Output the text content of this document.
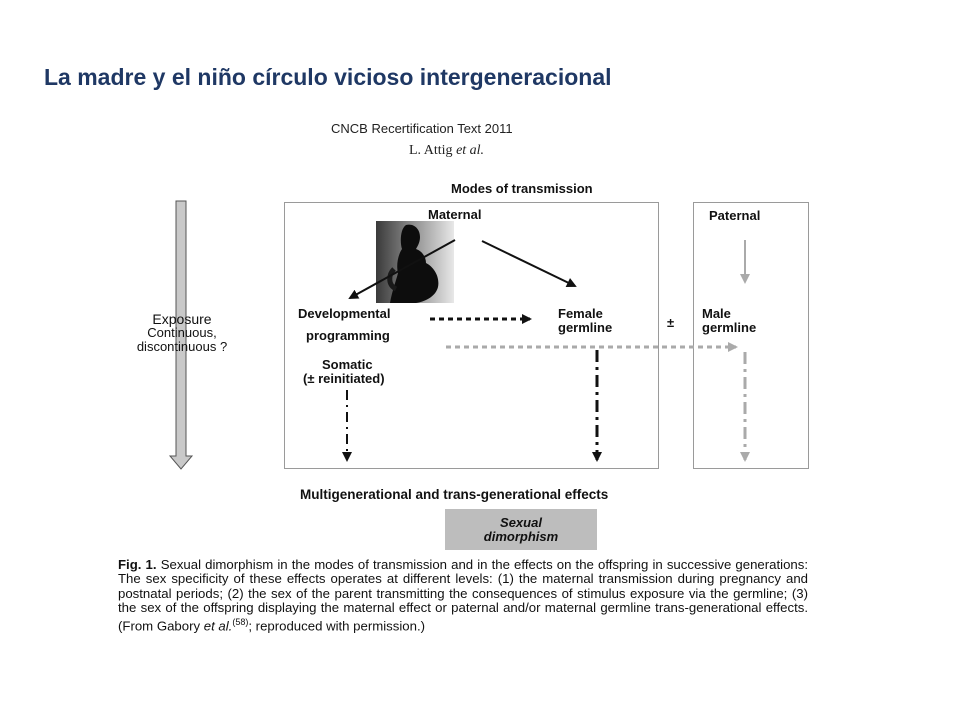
La madre y el niño círculo vicioso intergeneracional
CNCB Recertification Text 2011
L. Attig et al.
Modes of transmission
Maternal	Paternal
Developmental
programming
Female
germline	±
Male
germline
Somatic
(± reinitiated)
Exposure
Continuous,
discontinuous ?
Multigenerational and trans-generational effects
Sexual
dimorphism
Fig. 1. Sexual dimorphism in the modes of transmission and in the effects on the offspring in successive generations: The sex specificity of these effects operates at different levels: (1) the maternal transmission during pregnancy and postnatal periods; (2) the sex of the parent transmitting the consequences of stimulus exposure via the germline; (3) the sex of the offspring displaying the maternal effect or paternal and/or maternal germline trans-generational effects. (From Gabory et al.$^{(58)}$; reproduced with permission.)
